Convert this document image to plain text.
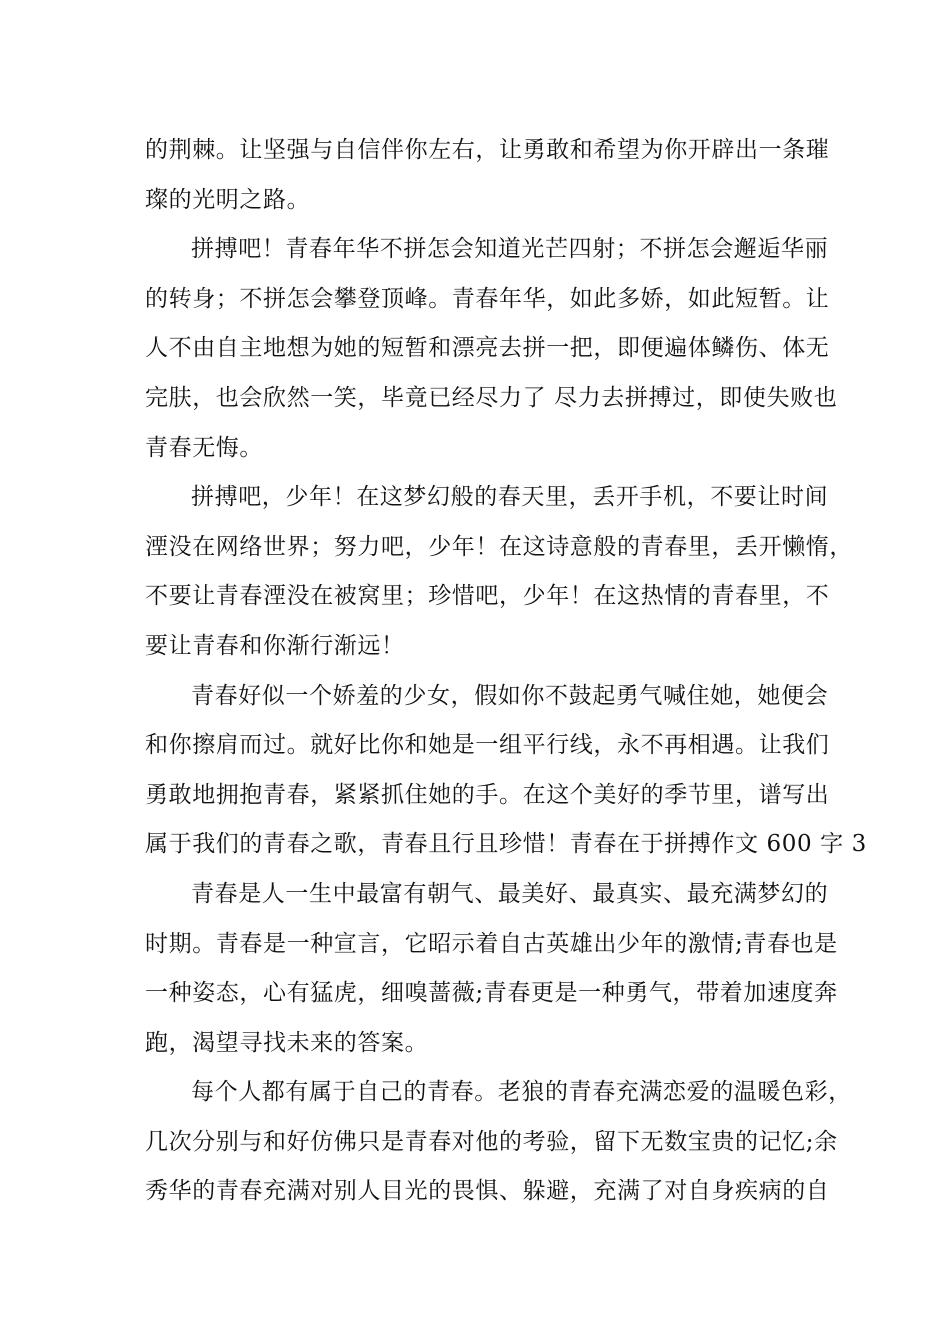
的荆棘。让坚强与自信伴你左右，让勇敢和希望为你开辟出一条璀
璨的光明之路。

拼搏吧！青春年华不拼怎会知道光芒四射；不拼怎会邂逅华丽
的转身；不拼怎会攀登顶峰。青春年华，如此多娇，如此短暂。让
人不由自主地想为她的短暂和漂亮去拼一把，即便遍体鳞伤、体无
完肤，也会欣然一笑，毕竟已经尽力了 尽力去拼搏过，即使失败也
青春无悔。

拼搏吧，少年！在这梦幻般的春天里，丢开手机，不要让时间
湮没在网络世界；努力吧，少年！在这诗意般的青春里，丢开懒惰，
不要让青春湮没在被窝里；珍惜吧，少年！在这热情的青春里，不
要让青春和你渐行渐远！

青春好似一个娇羞的少女，假如你不鼓起勇气喊住她，她便会
和你擦肩而过。就好比你和她是一组平行线，永不再相遇。让我们
勇敢地拥抱青春，紧紧抓住她的手。在这个美好的季节里，谱写出
属于我们的青春之歌，青春且行且珍惜！青春在于拼搏作文 600 字 3

青春是人一生中最富有朝气、最美好、最真实、最充满梦幻的
时期。青春是一种宣言，它昭示着自古英雄出少年的激情;青春也是
一种姿态，心有猛虎，细嗅蔷薇;青春更是一种勇气，带着加速度奔
跑，渴望寻找未来的答案。

每个人都有属于自己的青春。老狼的青春充满恋爱的温暖色彩，
几次分别与和好仿佛只是青春对他的考验，留下无数宝贵的记忆;余
秀华的青春充满对别人目光的畏惧、躲避，充满了对自身疾病的自
